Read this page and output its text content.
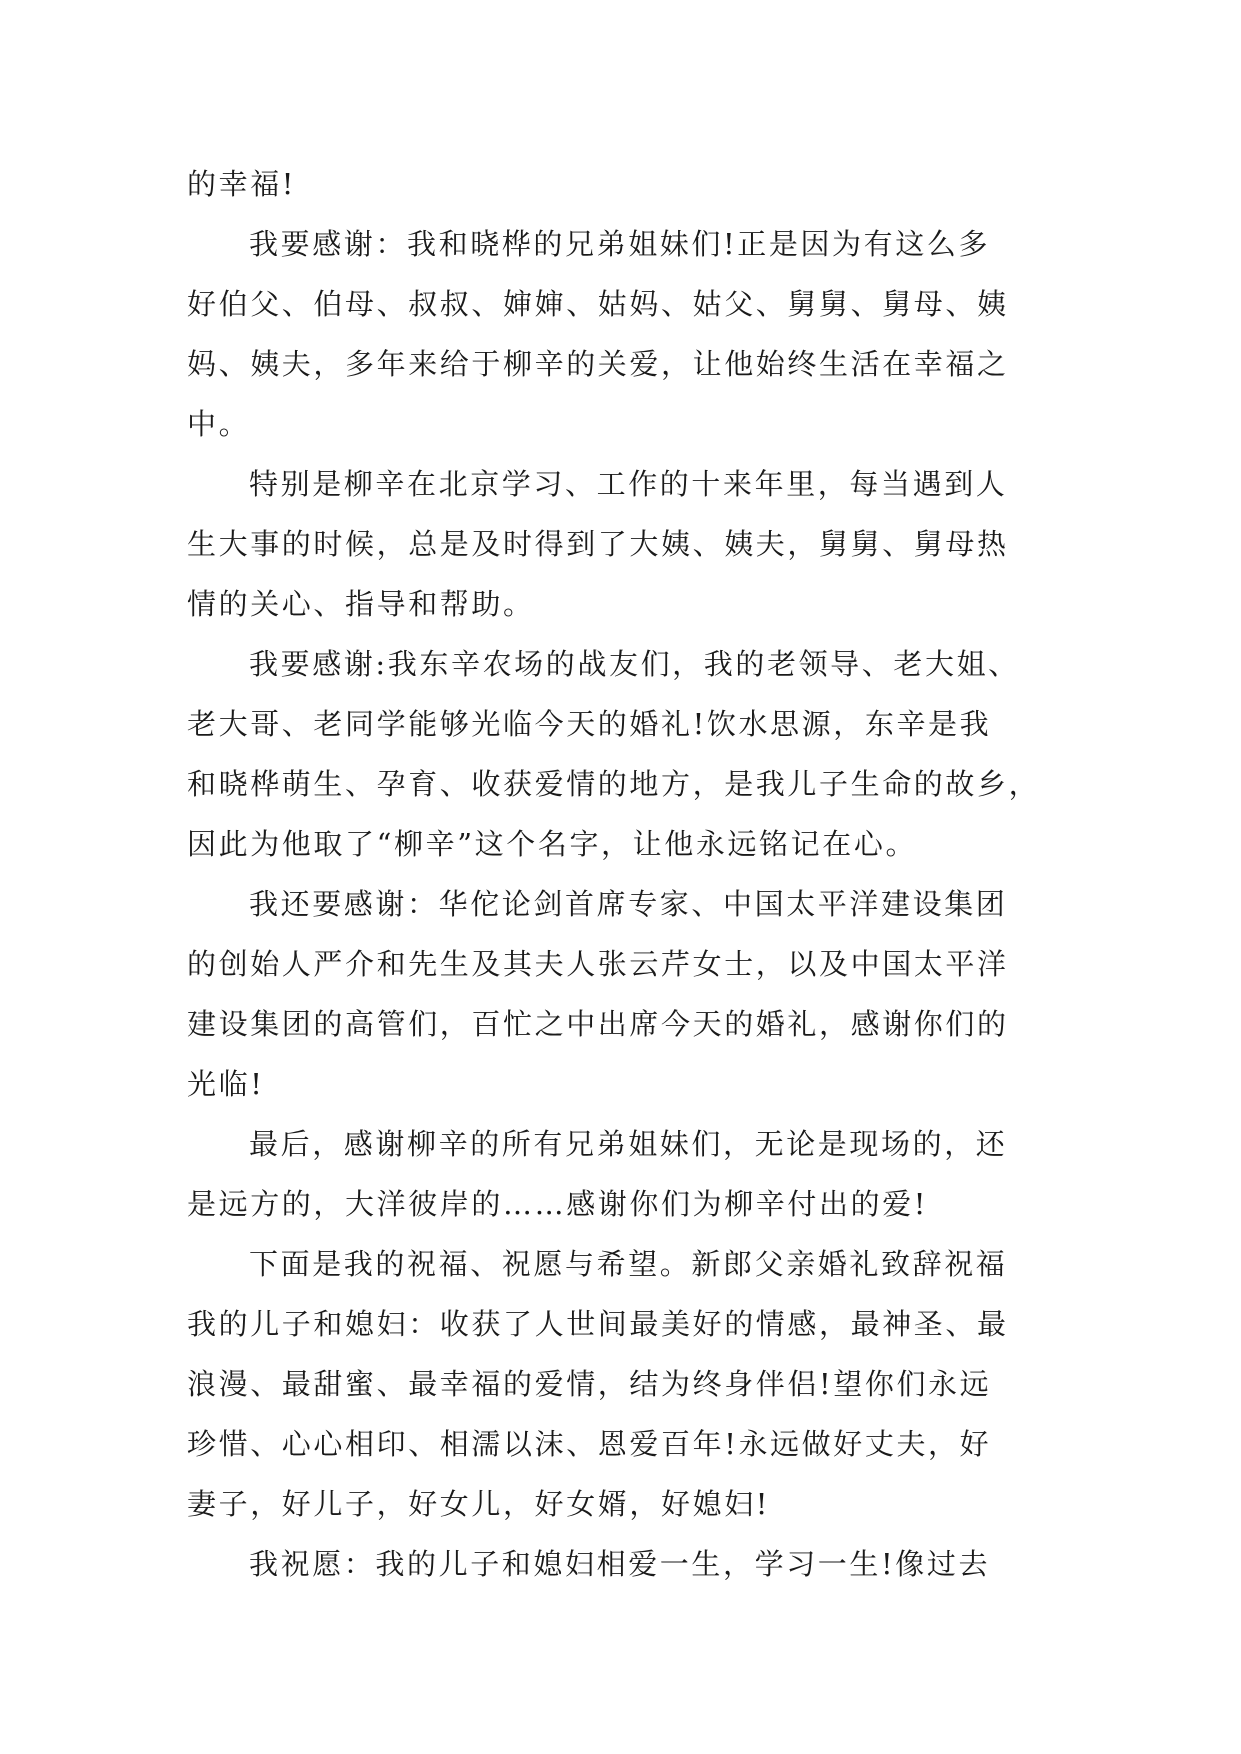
的幸福!

我要感谢：我和晓桦的兄弟姐妹们!正是因为有这么多
好伯父、伯母、叔叔、婶婶、姑妈、姑父、舅舅、舅母、姨
妈、姨夫，多年来给于柳辛的关爱，让他始终生活在幸福之
中。

特别是柳辛在北京学习、工作的十来年里，每当遇到人
生大事的时候，总是及时得到了大姨、姨夫，舅舅、舅母热
情的关心、指导和帮助。

我要感谢:我东辛农场的战友们，我的老领导、老大姐、
老大哥、老同学能够光临今天的婚礼!饮水思源，东辛是我
和晓桦萌生、孕育、收获爱情的地方，是我儿子生命的故乡，
因此为他取了“柳辛”这个名字，让他永远铭记在心。

我还要感谢：华佗论剑首席专家、中国太平洋建设集团
的创始人严介和先生及其夫人张云芹女士，以及中国太平洋
建设集团的高管们，百忙之中出席今天的婚礼，感谢你们的
光临!

最后，感谢柳辛的所有兄弟姐妹们，无论是现场的，还
是远方的，大洋彼岸的……感谢你们为柳辛付出的爱!

下面是我的祝福、祝愿与希望。新郎父亲婚礼致辞祝福
我的儿子和媳妇：收获了人世间最美好的情感，最神圣、最
浪漫、最甜蜜、最幸福的爱情，结为终身伴侣!望你们永远
珍惜、心心相印、相濡以沫、恩爱百年!永远做好丈夫，好
妻子，好儿子，好女儿，好女婿，好媳妇!

我祝愿：我的儿子和媳妇相爱一生，学习一生!像过去
